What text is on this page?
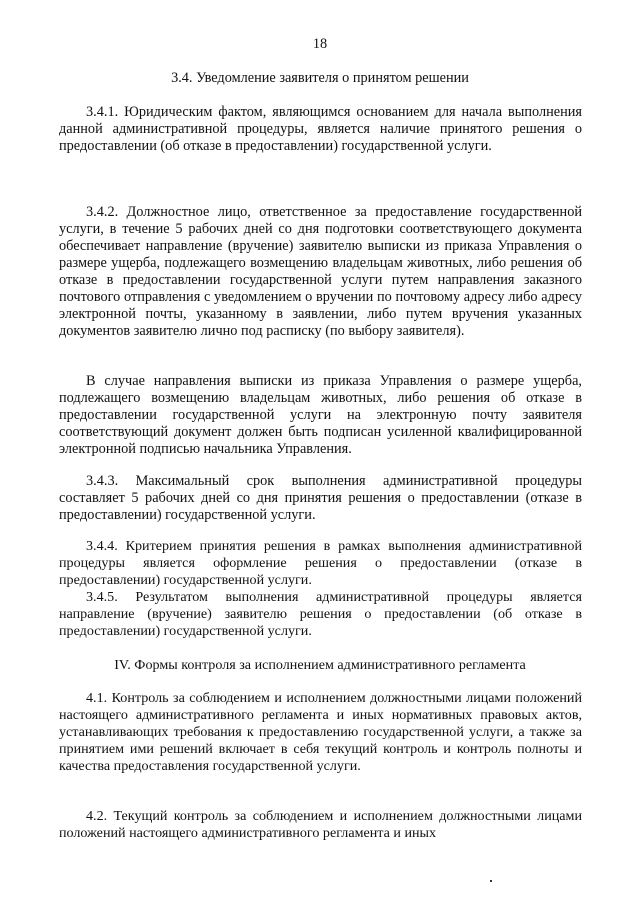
18
3.4. Уведомление заявителя о принятом решении
3.4.1. Юридическим фактом, являющимся основанием для начала выполнения данной административной процедуры, является наличие принятого решения о предоставлении (об отказе в предоставлении) государственной услуги.
3.4.2. Должностное лицо, ответственное за предоставление государственной услуги, в течение 5 рабочих дней со дня подготовки соответствующего документа обеспечивает направление (вручение) заявителю выписки из приказа Управления о размере ущерба, подлежащего возмещению владельцам животных, либо решения об отказе в предоставлении государственной услуги путем направления заказного почтового отправления с уведомлением о вручении по почтовому адресу либо адресу электронной почты, указанному в заявлении, либо путем вручения указанных документов заявителю лично под расписку (по выбору заявителя).
В случае направления выписки из приказа Управления о размере ущерба, подлежащего возмещению владельцам животных, либо решения об отказе в предоставлении государственной услуги на электронную почту заявителя соответствующий документ должен быть подписан усиленной квалифицированной электронной подписью начальника Управления.
3.4.3. Максимальный срок выполнения административной процедуры составляет 5 рабочих дней со дня принятия решения о предоставлении (отказе в предоставлении) государственной услуги.
3.4.4. Критерием принятия решения в рамках выполнения административной процедуры является оформление решения о предоставлении (отказе в предоставлении) государственной услуги.
3.4.5. Результатом выполнения административной процедуры является направление (вручение) заявителю решения о предоставлении (об отказе в предоставлении) государственной услуги.
IV. Формы контроля за исполнением административного регламента
4.1. Контроль за соблюдением и исполнением должностными лицами положений настоящего административного регламента и иных нормативных правовых актов, устанавливающих требования к предоставлению государственной услуги, а также за принятием ими решений включает в себя текущий контроль и контроль полноты и качества предоставления государственной услуги.
4.2. Текущий контроль за соблюдением и исполнением должностными лицами положений настоящего административного регламента и иных
